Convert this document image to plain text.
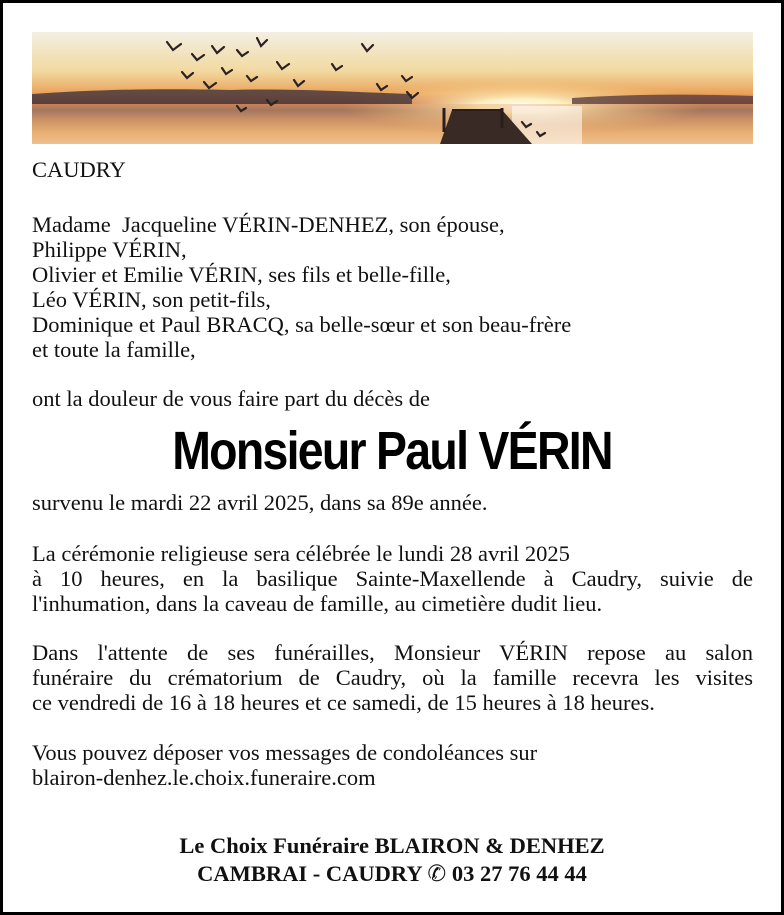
CAUDRY
Madame  Jacqueline VÉRIN-DENHEZ, son épouse,
Philippe VÉRIN,
Olivier et Emilie VÉRIN, ses fils et belle-fille,
Léo VÉRIN, son petit-fils,
Dominique et Paul BRACQ, sa belle-sœur et son beau-frère
et toute la famille,
ont la douleur de vous faire part du décès de
Monsieur Paul VÉRIN
survenu le mardi 22 avril 2025, dans sa 89e année.
La cérémonie religieuse sera célébrée le lundi 28 avril 2025
à 10 heures, en la basilique Sainte-Maxellende à Caudry, suivie de
l'inhumation, dans la caveau de famille, au cimetière dudit lieu.
Dans l'attente de ses funérailles, Monsieur VÉRIN repose au salon
funéraire du crématorium de Caudry, où la famille recevra les visites
ce vendredi de 16 à 18 heures et ce samedi, de 15 heures à 18 heures.
Vous pouvez déposer vos messages de condoléances sur
blairon-denhez.le.choix.funeraire.com
Le Choix Funéraire BLAIRON & DENHEZ
CAMBRAI - CAUDRY ✆ 03 27 76 44 44
